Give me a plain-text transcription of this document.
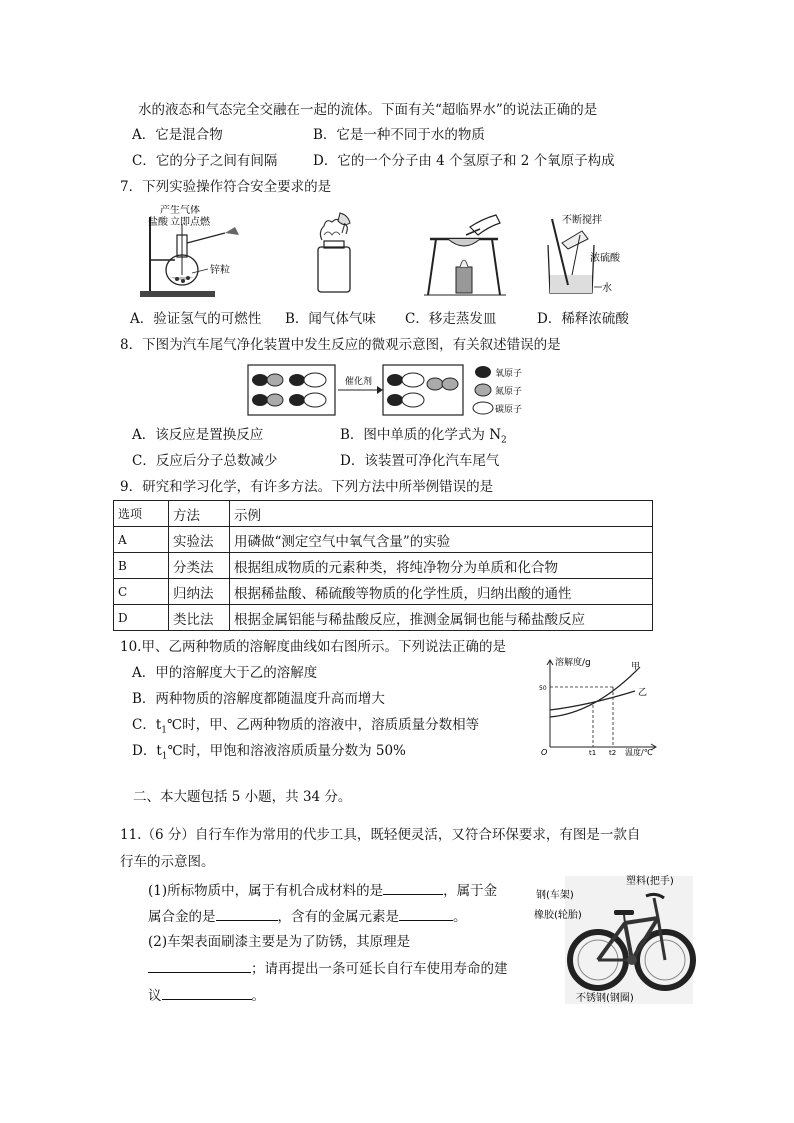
水的液态和气态完全交融在一起的流体。下面有关“超临界水”的说法正确的是
A．它是混合物	B．它是一种不同于水的物质
C．它的分子之间有间隔	D．它的一个分子由 4 个氢原子和 2 个氧原子构成
7．下列实验操作符合安全要求的是
产生气体
盐酸 立即点燃
锌粒
不断搅拌
浓硫酸
水
A．验证氢气的可燃性 B．闻气体气味 C．移走蒸发皿	D．稀释浓硫酸
8．下图为汽车尾气净化装置中发生反应的微观示意图，有关叙述错误的是
催化剂
氧原子
氮原子
碳原子
A．该反应是置换反应	B．图中单质的化学式为 $N_2$
C．反应后分子总数减少	D．该装置可净化汽车尾气
9．研究和学习化学，有许多方法。下列方法中所举例错误的是
选项	方法	示例
A	实验法	用磷做“测定空气中氧气含量”的实验
B	分类法	根据组成物质的元素种类，将纯净物分为单质和化合物
C	归纳法	根据稀盐酸、稀硫酸等物质的化学性质，归纳出酸的通性
D	类比法	根据金属铝能与稀盐酸反应，推测金属铜也能与稀盐酸反应
10.甲、乙两种物质的溶解度曲线如右图所示。下列说法正确的是
A．甲的溶解度大于乙的溶解度
B．两种物质的溶解度都随温度升高而增大
C．$t_1℃$时，甲、乙两种物质的溶液中，溶质质量分数相等
D．$t_1℃$时，甲饱和溶液溶质质量分数为 50%
溶解度/g	甲
乙
50
O	t1 t2 温度/℃
二、本大题包括 5 小题，共 34 分。
11.（6 分）自行车作为常用的代步工具，既轻便灵活，又符合环保要求，有图是一款自
行车的示意图。
(1)所标物质中，属于有机合成材料的是	，属于金
属合金的是	，含有的金属元素是	。
(2)车架表面刷漆主要是为了防锈，其原理是
；请再提出一条可延长自行车使用寿命的建
议	。
塑料(把手)
钢(车架)
橡胶(轮胎)
不锈钢(钢圈)
